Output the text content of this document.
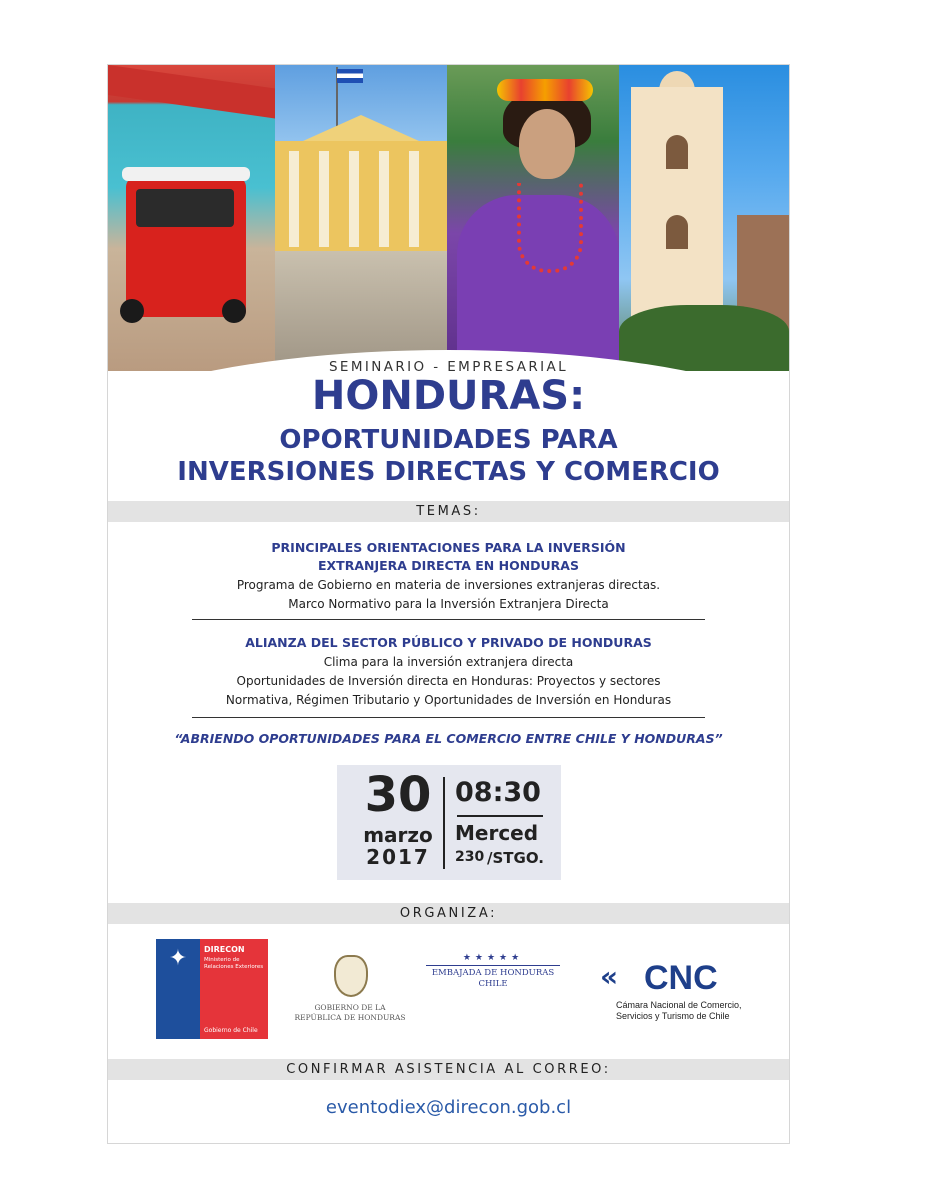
SEMINARIO - EMPRESARIAL
HONDURAS:
OPORTUNIDADES PARA
INVERSIONES DIRECTAS Y COMERCIO
TEMAS:
PRINCIPALES ORIENTACIONES PARA LA INVERSIÓN
EXTRANJERA DIRECTA EN HONDURAS
Programa de Gobierno en materia de inversiones extranjeras directas.
Marco Normativo para la Inversión Extranjera Directa
ALIANZA DEL SECTOR PÚBLICO Y PRIVADO DE HONDURAS
Clima para la inversión extranjera directa
Oportunidades de Inversión directa en Honduras: Proyectos y sectores
Normativa, Régimen Tributario y Oportunidades de Inversión en Honduras
“ABRIENDO OPORTUNIDADES PARA EL COMERCIO ENTRE CHILE Y HONDURAS”
30
marzo
2017
08:30
Merced
230 /STGO.
ORGANIZA:
✦	DIRECON
Ministerio de Relaciones Exteriores
Gobierno de Chile
GOBIERNO DE LA
REPÚBLICA DE HONDURAS
★★★★★
EMBAJADA DE HONDURAS
CHILE	« CNC
Cámara Nacional de Comercio,
Servicios y Turismo de Chile
CONFIRMAR ASISTENCIA AL CORREO:
eventodiex@direcon.gob.cl
